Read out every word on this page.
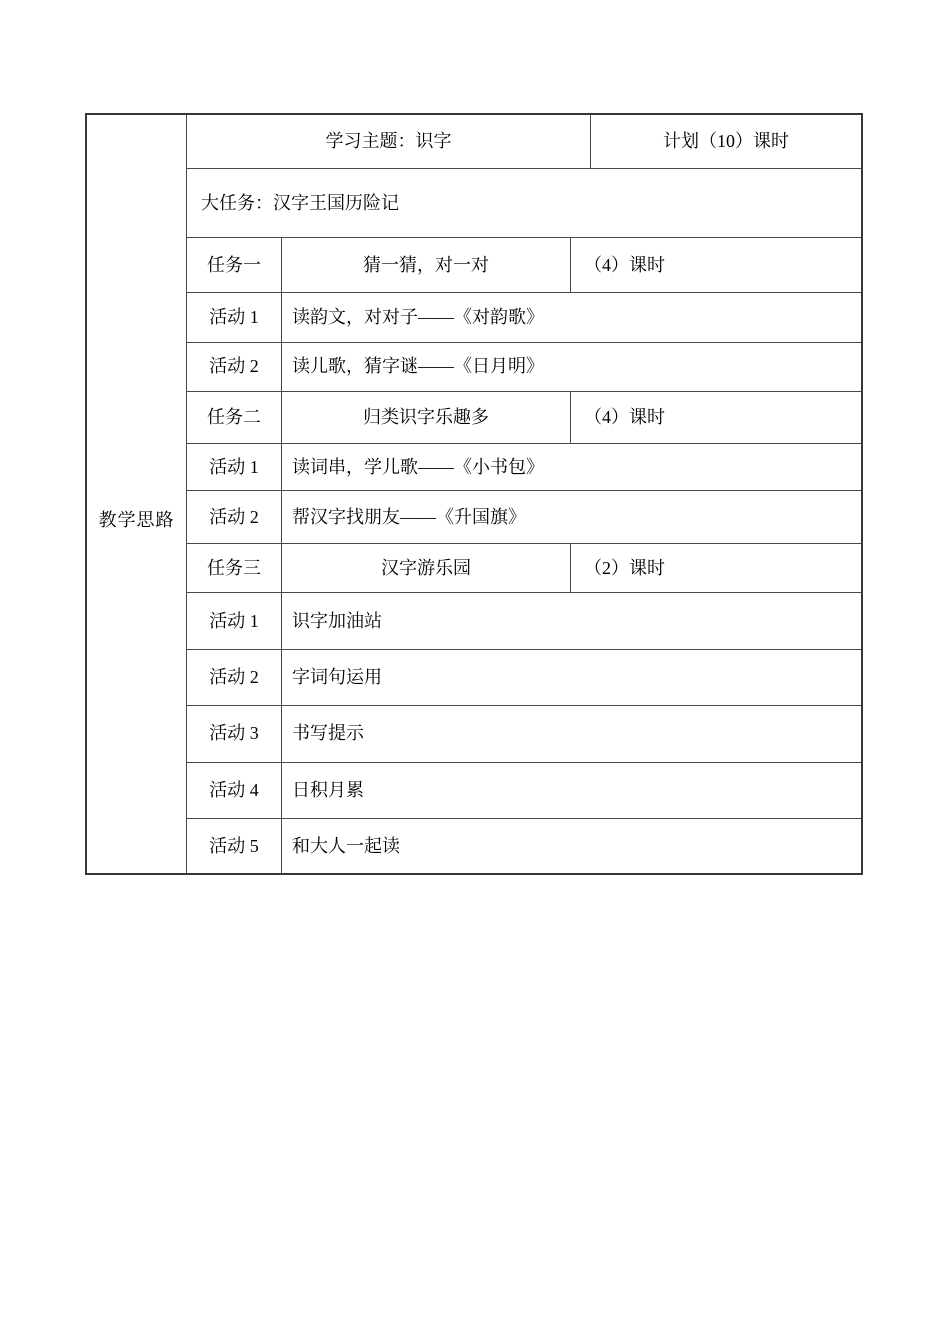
教学思路
学习主题：识字	计划（10）课时
大任务：汉字王国历险记
任务一	猜一猜，对一对	（4）课时
活动 1 读韵文，对对子——《对韵歌》
活动 2 读儿歌，猜字谜——《日月明》
任务二	归类识字乐趣多	（4）课时
活动 1 读词串，学儿歌——《小书包》
活动 2 帮汉字找朋友——《升国旗》
任务三	汉字游乐园	（2）课时
活动 1 识字加油站
活动 2 字词句运用
活动 3 书写提示
活动 4 日积月累
活动 5 和大人一起读
